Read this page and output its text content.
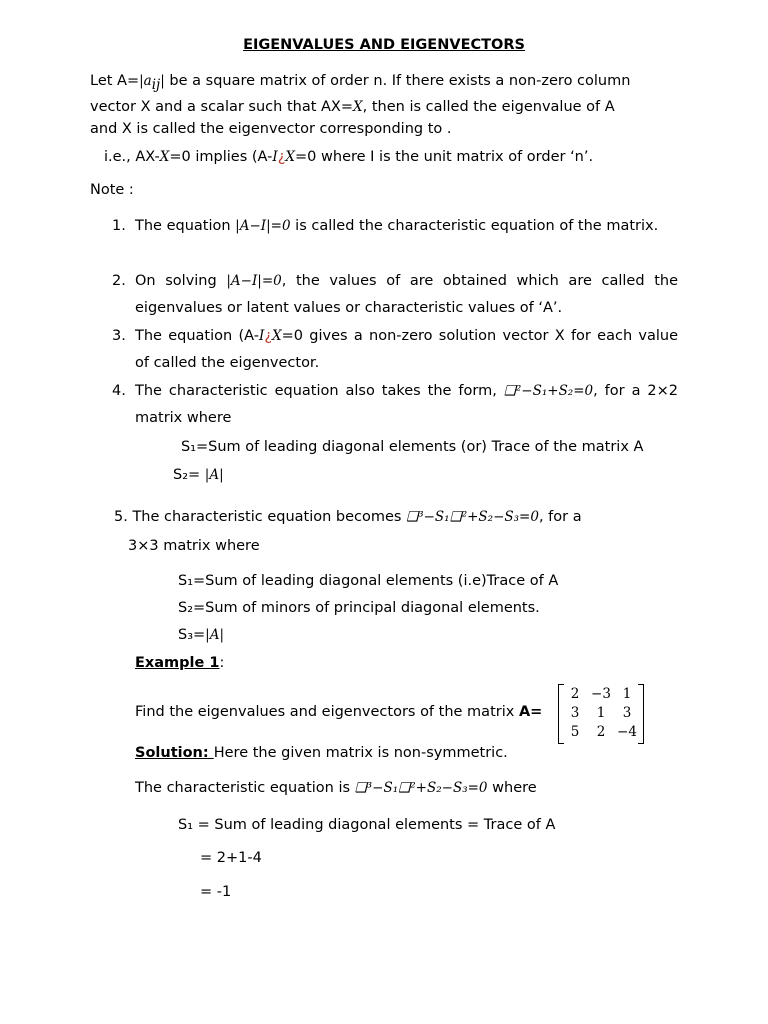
EIGENVALUES AND EIGENVECTORS
Let $A=|a_{ij}|$ be a square matrix of order n. If there exists a non-zero column
vector X and a scalar such that AX=X, then is called the eigenvalue of A
and X is called the eigenvector corresponding to .
i.e., AX-X=0 implies (A-I¿X=0 where I is the unit matrix of order ‘n’.
Note :
1. The equation |A−I|=0 is called the characteristic equation of the matrix.
2. On solving |A−I|=0, the values of are obtained which are called the eigenvalues or latent values or characteristic values of ‘A’.
3. The equation (A-I¿X=0 gives a non-zero solution vector X for each value of called the eigenvector.
4. The characteristic equation also takes the form, ❑²−S₁+S₂=0, for a 2×2 matrix where
S₁=Sum of leading diagonal elements (or) Trace of the matrix A
S₂= |A|
5. The characteristic equation becomes ❑³−S₁❑²+S₂−S₃=0, for a
3×3 matrix where
S₁=Sum of leading diagonal elements (i.e)Trace of A
S₂=Sum of minors of principal diagonal elements.
S₃=|A|
Example 1:
Find the eigenvalues and eigenvectors of the matrix A=
2	−3	1
3	1	3
5	2	−4
Solution: Here the given matrix is non-symmetric.
The characteristic equation is ❑³−S₁❑²+S₂−S₃=0 where
S₁ = Sum of leading diagonal elements = Trace of A
= 2+1-4
= -1
